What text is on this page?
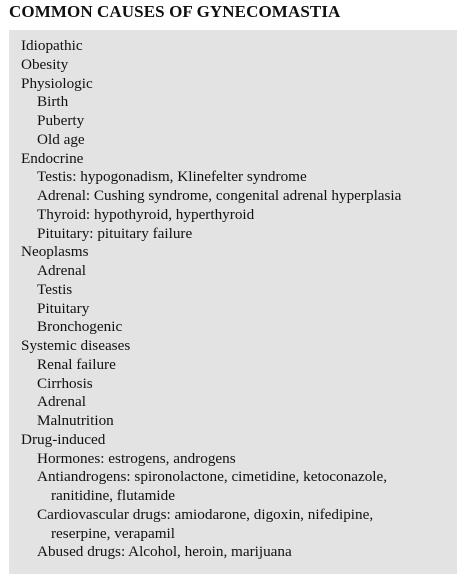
COMMON CAUSES OF GYNECOMASTIA
Idiopathic
Obesity
Physiologic
Birth
Puberty
Old age
Endocrine
Testis: hypogonadism, Klinefelter syndrome
Adrenal: Cushing syndrome, congenital adrenal hyperplasia
Thyroid: hypothyroid, hyperthyroid
Pituitary: pituitary failure
Neoplasms
Adrenal
Testis
Pituitary
Bronchogenic
Systemic diseases
Renal failure
Cirrhosis
Adrenal
Malnutrition
Drug-induced
Hormones: estrogens, androgens
Antiandrogens: spironolactone, cimetidine, ketoconazole,
ranitidine, flutamide
Cardiovascular drugs: amiodarone, digoxin, nifedipine,
reserpine, verapamil
Abused drugs: Alcohol, heroin, marijuana
